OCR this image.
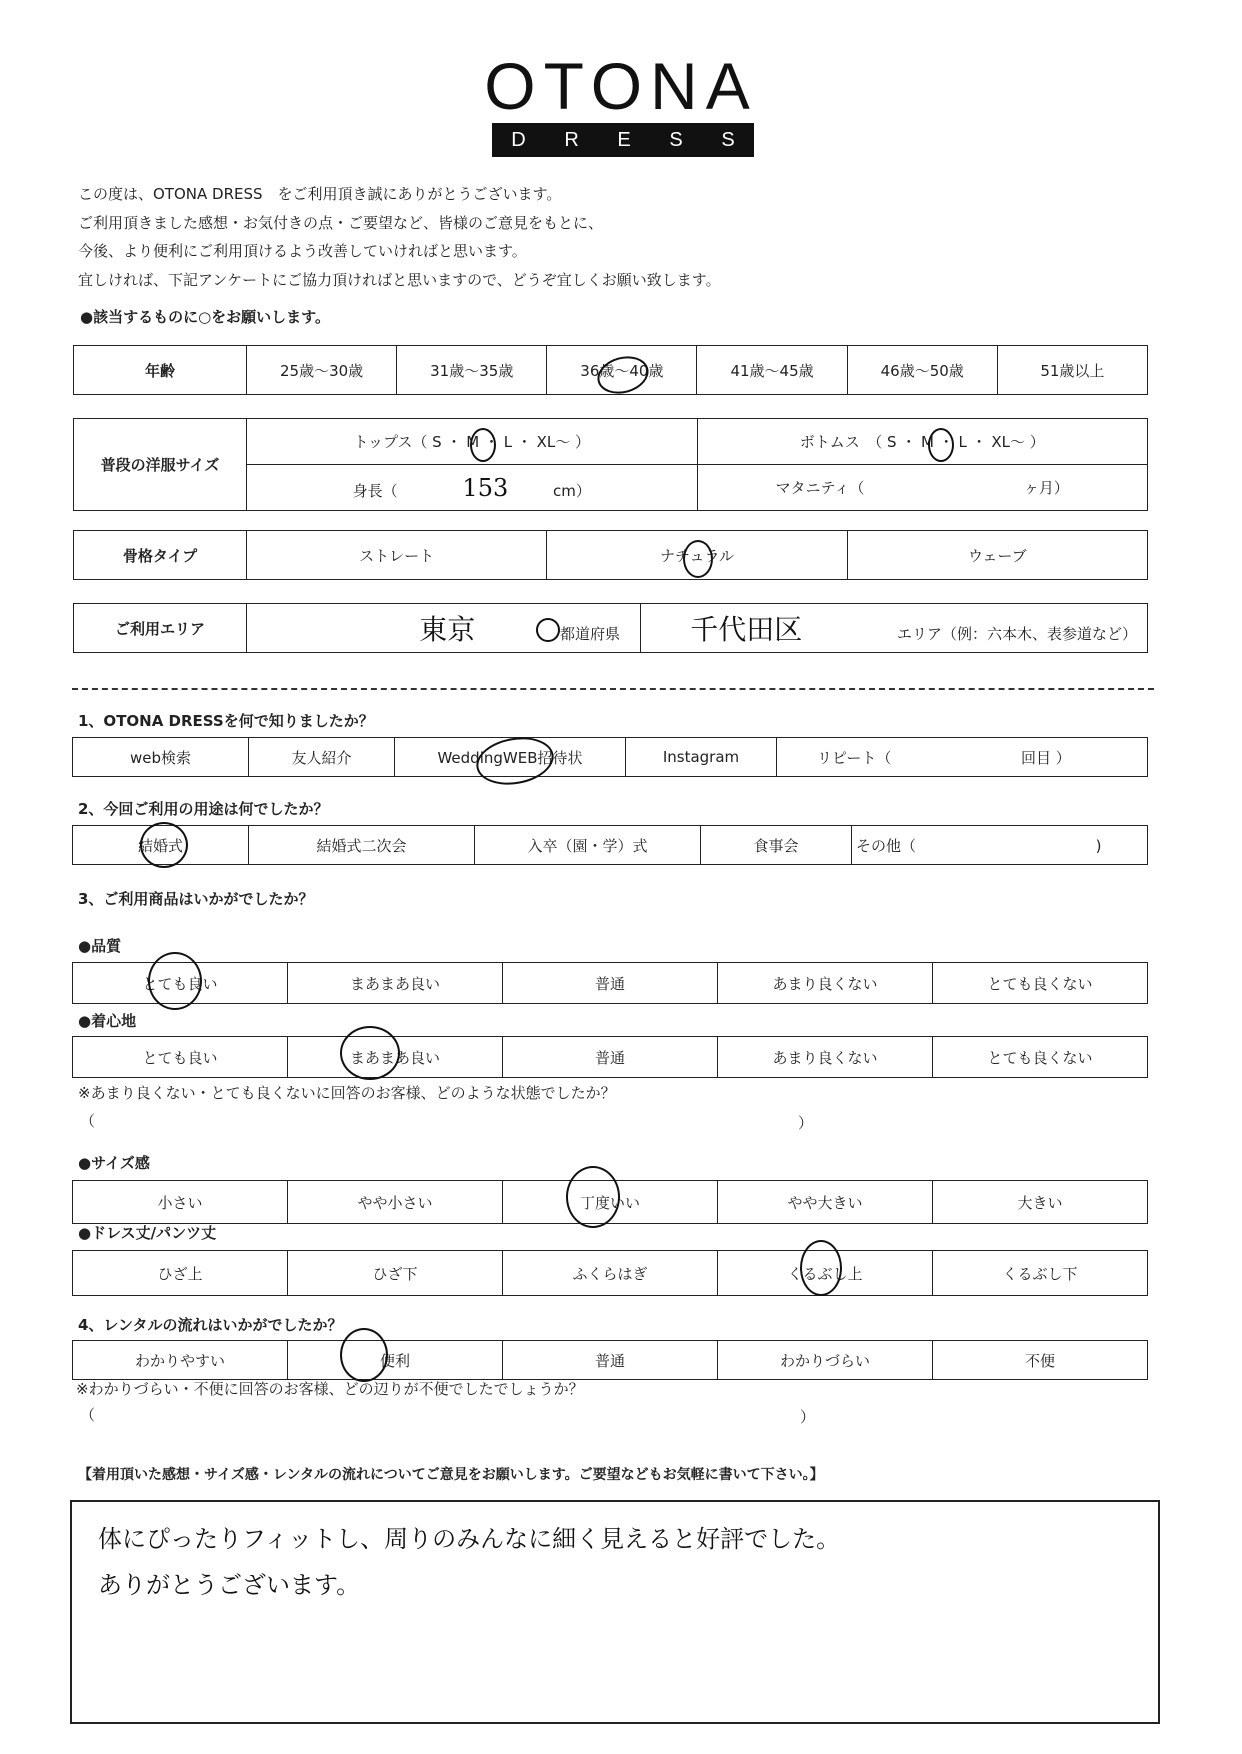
OTONA
D R E S S
この度は、OTONA DRESS　をご利用頂き誠にありがとうございます。
ご利用頂きました感想・お気付きの点・ご要望など、皆様のご意見をもとに、
今後、より便利にご利用頂けるよう改善していければと思います。
宜しければ、下記アンケートにご協力頂ければと思いますので、どうぞ宜しくお願い致します。
●該当するものに○をお願いします。
年齢	25歳～30歳	31歳～35歳	36歳～40歳	41歳～45歳	46歳～50歳	51歳以上
普段の洋服サイズ	トップス（ S ・ M ・ L ・ XL～ ）	ボトムス　（ S ・ M ・ L ・ XL～ ）
	身長（ 153 cm）	マタニティ（ ヶ月）
骨格タイプ	ストレート	ナチュラル	ウェーブ
ご利用エリア	東京	都道府県	千代田区	エリア（例：六本木、表参道など）
1、OTONA DRESSを何で知りましたか？
web検索	友人紹介	WeddingWEB招待状	Instagram	リピート（	回目 ）
2、今回ご利用の用途は何でしたか？
結婚式	結婚式二次会	入卒（園・学）式	食事会	その他（	)
3、ご利用商品はいかがでしたか？
●品質
とても良い	まあまあ良い	普通	あまり良くない	とても良くない
●着心地
とても良い	まあまあ良い	普通	あまり良くない	とても良くない
※あまり良くない・とても良くないに回答のお客様、どのような状態でしたか？
（	）
●サイズ感
小さい	やや小さい	丁度いい	やや大きい	大きい
●ドレス丈/パンツ丈
ひざ上	ひざ下	ふくらはぎ	くるぶし上	くるぶし下
4、レンタルの流れはいかがでしたか？
わかりやすい	便利	普通	わかりづらい	不便
※わかりづらい・不便に回答のお客様、どの辺りが不便でしたでしょうか？
（	）
【着用頂いた感想・サイズ感・レンタルの流れについてご意見をお願いします。ご要望などもお気軽に書いて下さい。】
体にぴったりフィットし、周りのみんなに細く見えると好評でした。
ありがとうございます。
